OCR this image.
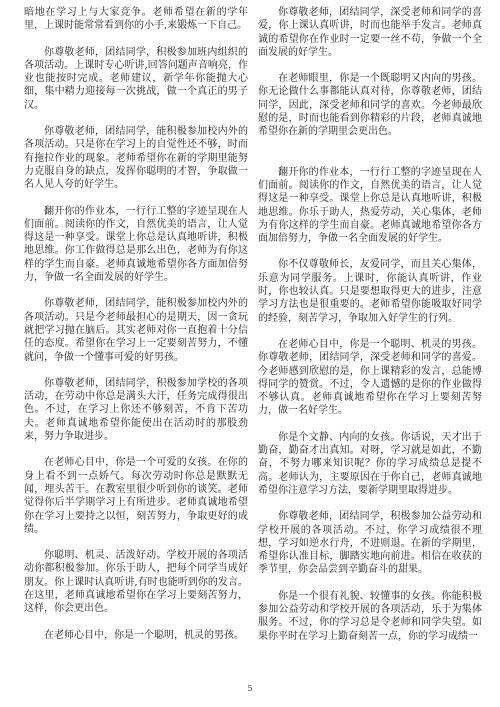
暗地在学习上与大家竞争。老师希望在新的学年里，上课时能常常看到你的小手,来锻炼一下自己。

你尊敬老师，团结同学，积极参加班内组织的各项活动。上课时专心听讲,回答问题声音响亮，作业也能按时完成。老师建议，新学年你能抛大心细，集中精力迎接每一次挑战，做一个真正的男子汉。

你尊敬老师，团结同学，能积极参加校内外的各项活动。只是你在学习上的自觉性还不够，时而有拖拉作业的现象。老师希望你在新的学期里能努力克服自身的缺点，发挥你聪明的才智，争取做一名人见人夸的好学生。

翻开你的作业本，一行行工整的字迹呈现在人们面前。阅读你的作文，自然优美的语言，让人觉得这是一种享受。课堂上你总是认真地听讲，积极地思维。你工作做得总是那么出色，老师为有你这样的学生而自豪。老师真诚地希望你各方面加倍努力，争做一名全面发展的好学生。

你尊敬老师，团结同学，能积极参加校内外的各项活动。只是今老师最担心的是期天，因一贪玩就把学习抛在脑后。其实老师对你一直抱着十分信任的态度。希望你在学习上一定要刻苦努力，不懂就问，争做一个懂事可爱的好男孩。

你尊敬老师，团结同学，积极参加学校的各项活动，在劳动中你总是满头大汗，任务完成得很出色。不过，在学习上你还不够刻苦，不肯下苦功夫。老师真诚地希望你能使出在活动时的那股劲来，努力争取进步。

在老师心目中，你是一个可爱的女孩。在你的身上看不到一点娇气。每次劳动时你总是默默无闻，埋头苦干。在教室里很少听到你的谈笑。老师觉得你后半学期学习上有所进步。老师真诚地希望你在学习上要持之以恒，刻苦努力，争取更好的成绩。

你聪明、机灵、活泼好动。学校开展的各项活动你都积极参加。你乐于助人，把每个同学当成好朋友。你上课时认真听讲,有时也能听到你的发言。在这里，老师真诚地希望你在学习上要刻苦努力，这样，你会更出色。

在老师心目中，你是一个聪明，机灵的男孩。

你尊敬老师，团结同学，深受老师和同学的喜爱，你上课认真听讲，时而也能举手发言。老师真诚的希望你在作业时一定要一丝不苟，争做一个全面发展的好学生。

在老师眼里，你是一个既聪明又内向的男孩。你无论做什么事都能认真对待，你尊敬老师，团结同学，因此，深受老师和同学的喜欢。今老师最欣慰的是，时而也能看到你精彩的片段，老师真诚地希望你在新的学期里会更出色。

翻开你的作业本，一行行工整的字迹呈现在人们面前。阅读你的作文，自然优美的语言，让人觉得这是一种享受。课堂上你总是认真地听讲，积极地思维。你乐于助人，热爱劳动，关心集体，老师为有你这样的学生而自豪。老师真诚地希望你各方面加倍努力，争做一名全面发展的好学生。

你不仅尊敬师长，友爱同学，而且关心集体，乐意为同学服务。上课时，你能认真听讲，作业时，你也较认真。只是要想取得更大的进步，注意学习方法也是很重要的。老师希望你能吸取好同学的经验，刻苦学习，争取加入好学生的行列。

在老师心目中，你是一个聪明、机灵的男孩。你尊敬老师，团结同学，深受老师和同学的喜爱。今老师感到欣慰的是，你上课精彩的发言，总能博得同学的赞赏。不过，令人遗憾的是你的作业做得不够认真。老师真诚地希望你在学习上要刻苦努力，做一名好学生。

你是个文静、内向的女孩。你话说，天才出于勤奋，勤奋才出真知。对呀，学习就是如此，不勤奋，不努力哪来知识呢？你的学习成绩总是提不高。老师认为，主要原因在于你自己，老师真诚地希望你注意学习方法，要新学期里取得进步。

你尊敬老师，团结同学，积极参加公益劳动和学校开展的各项活动。不过，你学习成绩很不理想，学习如逆水行舟，不进则退。在新的学期里，希望你认准目标，脚踏实地向前进。相信在收获的季节里，你会品尝到辛勤奋斗的甜果。

你是一个很有礼貌、较懂事的女孩。你能积极参加公益劳动和学校开展的各项活动，乐于为集体服务。不过，你的学习总是令老师和同学失望。如果你平时在学习上勤奋刻苦一点，你的学习成绩一

5
